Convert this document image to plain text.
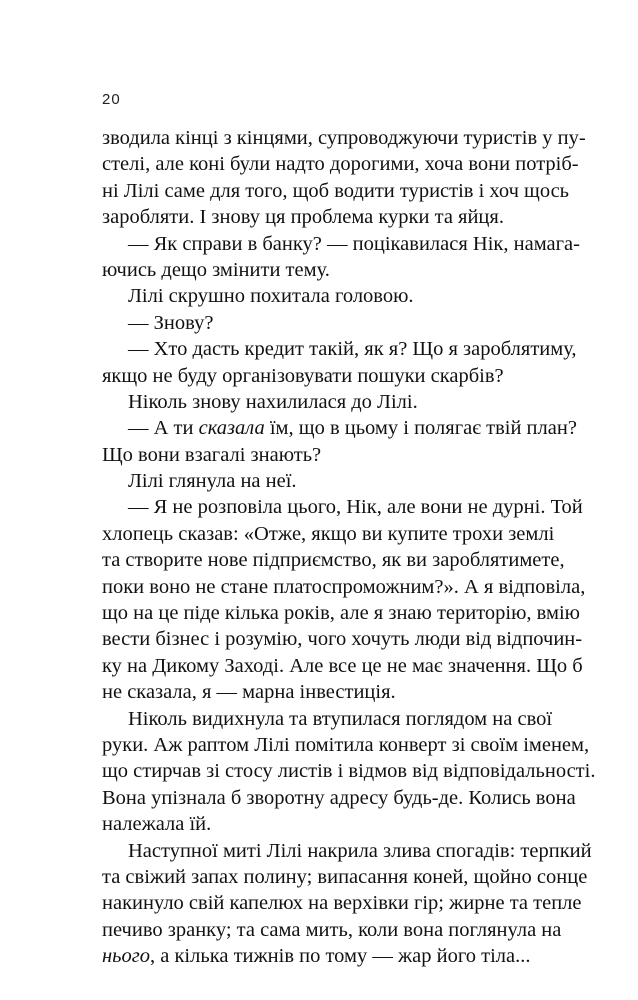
20
зводила кінці з кінцями, супроводжуючи туристів у пу-
стелі, але коні були надто дорогими, хоча вони потріб-
ні Лілі саме для того, щоб водити туристів і хоч щось
заробляти. І знову ця проблема курки та яйця.
— Як справи в банку? — поцікавилася Нік, намага-
ючись дещо змінити тему.
Лілі скрушно похитала головою.
— Знову?
— Хто дасть кредит такій, як я? Що я зароблятиму,
якщо не буду організовувати пошуки скарбів?
Ніколь знову нахилилася до Лілі.
— А ти сказала їм, що в цьому і полягає твій план?
Що вони взагалі знають?
Лілі глянула на неї.
— Я не розповіла цього, Нік, але вони не дурні. Той
хлопець сказав: «Отже, якщо ви купите трохи землі
та створите нове підприємство, як ви зароблятимете,
поки воно не стане платоспроможним?». А я відповіла,
що на це піде кілька років, але я знаю територію, вмію
вести бізнес і розумію, чого хочуть люди від відпочин-
ку на Дикому Заході. Але все це не має значення. Що б
не сказала, я — марна інвестиція.
Ніколь видихнула та втупилася поглядом на свої
руки. Аж раптом Лілі помітила конверт зі своїм іменем,
що стирчав зі стосу листів і відмов від відповідальності.
Вона упізнала б зворотну адресу будь-де. Колись вона
належала їй.
Наступної миті Лілі накрила злива спогадів: терпкий
та свіжий запах полину; випасання коней, щойно сонце
накинуло свій капелюх на верхівки гір; жирне та тепле
печиво зранку; та сама мить, коли вона поглянула на
нього, а кілька тижнів по тому — жар його тіла...
